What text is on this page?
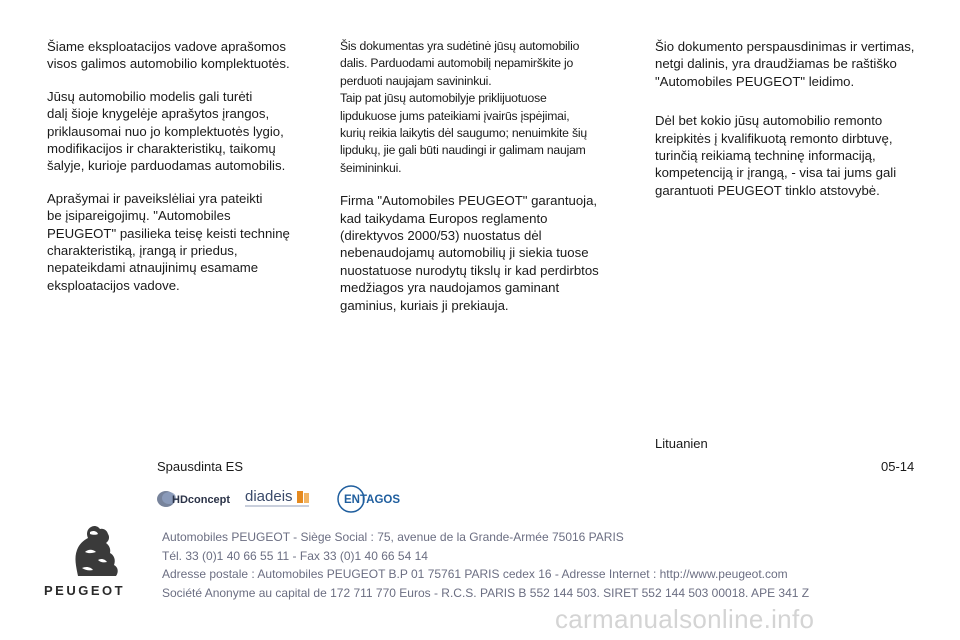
Šiame eksploatacijos vadove aprašomos
visos galimos automobilio komplektuotės.

Jūsų automobilio modelis gali turėti
dalį šioje knygelėje aprašytos įrangos,
priklausomai nuo jo komplektuotės lygio,
modifikacijos ir charakteristikų, taikomų
šalyje, kurioje parduodamas automobilis.

Aprašymai ir paveikslėliai yra pateikti
be įsipareigojimų. "Automobiles
PEUGEOT" pasilieka teisę keisti techninę
charakteristiką, įrangą ir priedus,
nepateikdami atnaujinimų esamame
eksploatacijos vadove.

Šis dokumentas yra sudėtinė jūsų automobilio
dalis. Parduodami automobilį nepamirškite jo
perduoti naujajam savininkui.
Taip pat jūsų automobilyje priklijuotuose
lipdukuose jums pateikiami įvairūs įspėjimai,
kurių reikia laikytis dėl saugumo; nenuimkite šių
lipdukų, jie gali būti naudingi ir galimam naujam
šeimininkui.

Firma "Automobiles PEUGEOT" garantuoja,
kad taikydama Europos reglamento
(direktyvos 2000/53) nuostatus dėl
nebenaudojamų automobilių ji siekia tuose
nuostatuose nurodytų tikslų ir kad perdirbtos
medžiagos yra naudojamos gaminant
gaminius, kuriais ji prekiauja.

Šio dokumento perspausdinimas ir vertimas,
netgi dalinis, yra draudžiamas be raštiško
"Automobiles PEUGEOT" leidimo.

Dėl bet kokio jūsų automobilio remonto
kreipkitės į kvalifikuotą remonto dirbtuvę,
turinčią reikiamą techninę informaciją,
kompetenciją ir įrangą, - visa tai jums gali
garantuoti PEUGEOT tinklo atstovybė.

Lituanien
Spausdinta ES	05-14
HDconcept diadeis	ENTAGOS
PEUGEOT
Automobiles PEUGEOT - Siège Social : 75, avenue de la Grande-Armée 75016 PARIS
Tél. 33 (0)1 40 66 55 11 - Fax 33 (0)1 40 66 54 14
Adresse postale : Automobiles PEUGEOT B.P 01 75761 PARIS cedex 16 - Adresse Internet : http://www.peugeot.com
Société Anonyme au capital de 172 711 770 Euros - R.C.S. PARIS B 552 144 503. SIRET 552 144 503 00018. APE 341 Z
carmanualsonline.info
